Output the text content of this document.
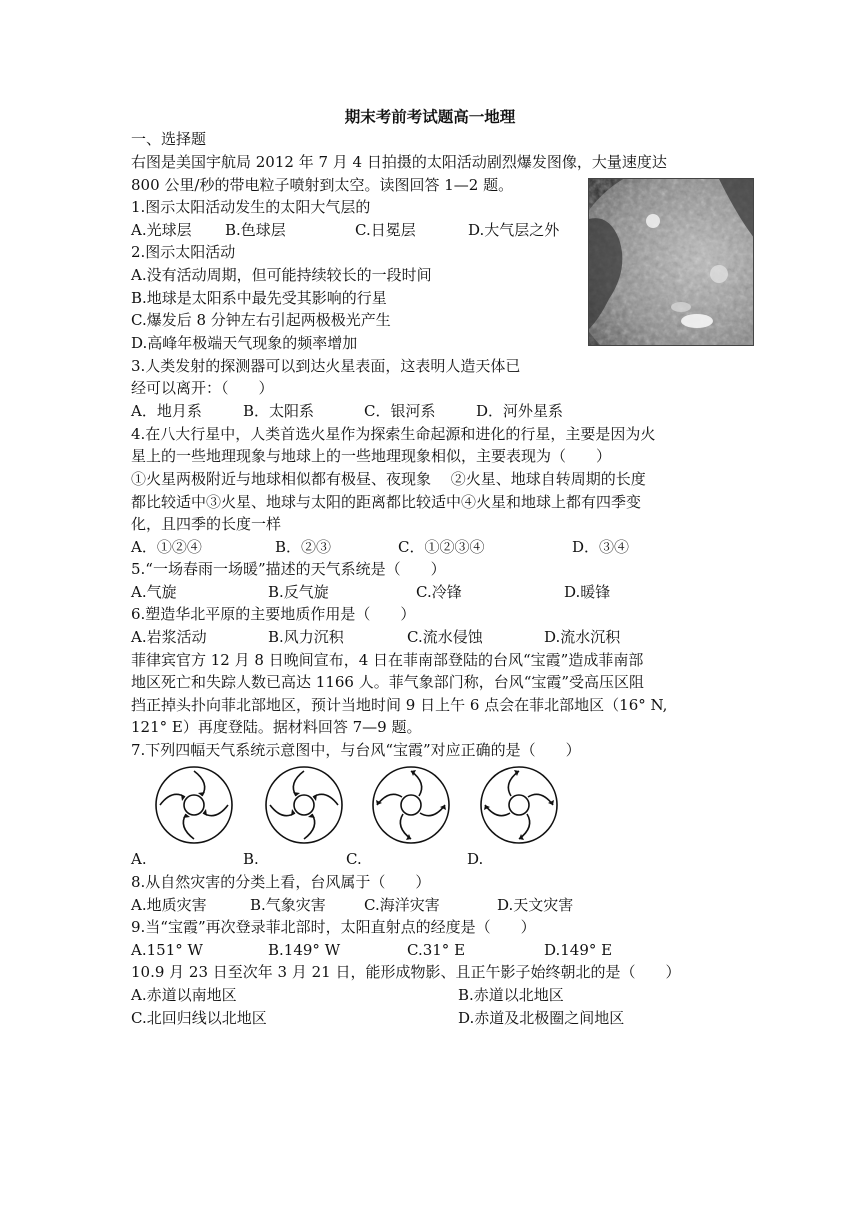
期末考前考试题高一地理
一、选择题
右图是美国宇航局 2012 年 7 月 4 日拍摄的太阳活动剧烈爆发图像，大量速度达
800 公里/秒的带电粒子喷射到太空。读图回答 1—2 题。
1.图示太阳活动发生的太阳大气层的
A.光球层 B.色球层	C.日冕层	D.大气层之外
2.图示太阳活动
A.没有活动周期，但可能持续较长的一段时间
B.地球是太阳系中最先受其影响的行星
C.爆发后 8 分钟左右引起两极极光产生
D.高峰年极端天气现象的频率增加
3.人类发射的探测器可以到达火星表面，这表明人造天体已
经可以离开：（　　）
A．地月系	B．太阳系	C．银河系	D．河外星系
4.在八大行星中，人类首选火星作为探索生命起源和进化的行星，主要是因为火
星上的一些地理现象与地球上的一些地理现象相似，主要表现为（　　）
①火星两极附近与地球相似都有极昼、夜现象　 ②火星、地球自转周期的长度
都比较适中③火星、地球与太阳的距离都比较适中④火星和地球上都有四季变
化，且四季的长度一样
A．①②④	B．②③	C．①②③④	D．③④
5.“一场春雨一场暖”描述的天气系统是（　　）
A.气旋	B.反气旋	C.冷锋	D.暖锋
6.塑造华北平原的主要地质作用是（　　）
A.岩浆活动	B.风力沉积	C.流水侵蚀	D.流水沉积
菲律宾官方 12 月 8 日晚间宣布，4 日在菲南部登陆的台风“宝霞”造成菲南部
地区死亡和失踪人数已高达 1166 人。菲气象部门称，台风“宝霞”受高压区阻
挡正掉头扑向菲北部地区，预计当地时间 9 日上午 6 点会在菲北部地区（16° N,
121° E）再度登陆。据材料回答 7—9 题。
7.下列四幅天气系统示意图中，与台风“宝霞”对应正确的是（　　）
A.	B.	C.	D.
8.从自然灾害的分类上看，台风属于（　　）
A.地质灾害	B.气象灾害	C.海洋灾害	D.天文灾害
9.当“宝霞”再次登录菲北部时，太阳直射点的经度是（　　）
A.151° W	B.149° W	C.31° E	D.149° E
10.9 月 23 日至次年 3 月 21 日，能形成物影、且正午影子始终朝北的是（　　）
A.赤道以南地区	B.赤道以北地区
C.北回归线以北地区	D.赤道及北极圈之间地区
